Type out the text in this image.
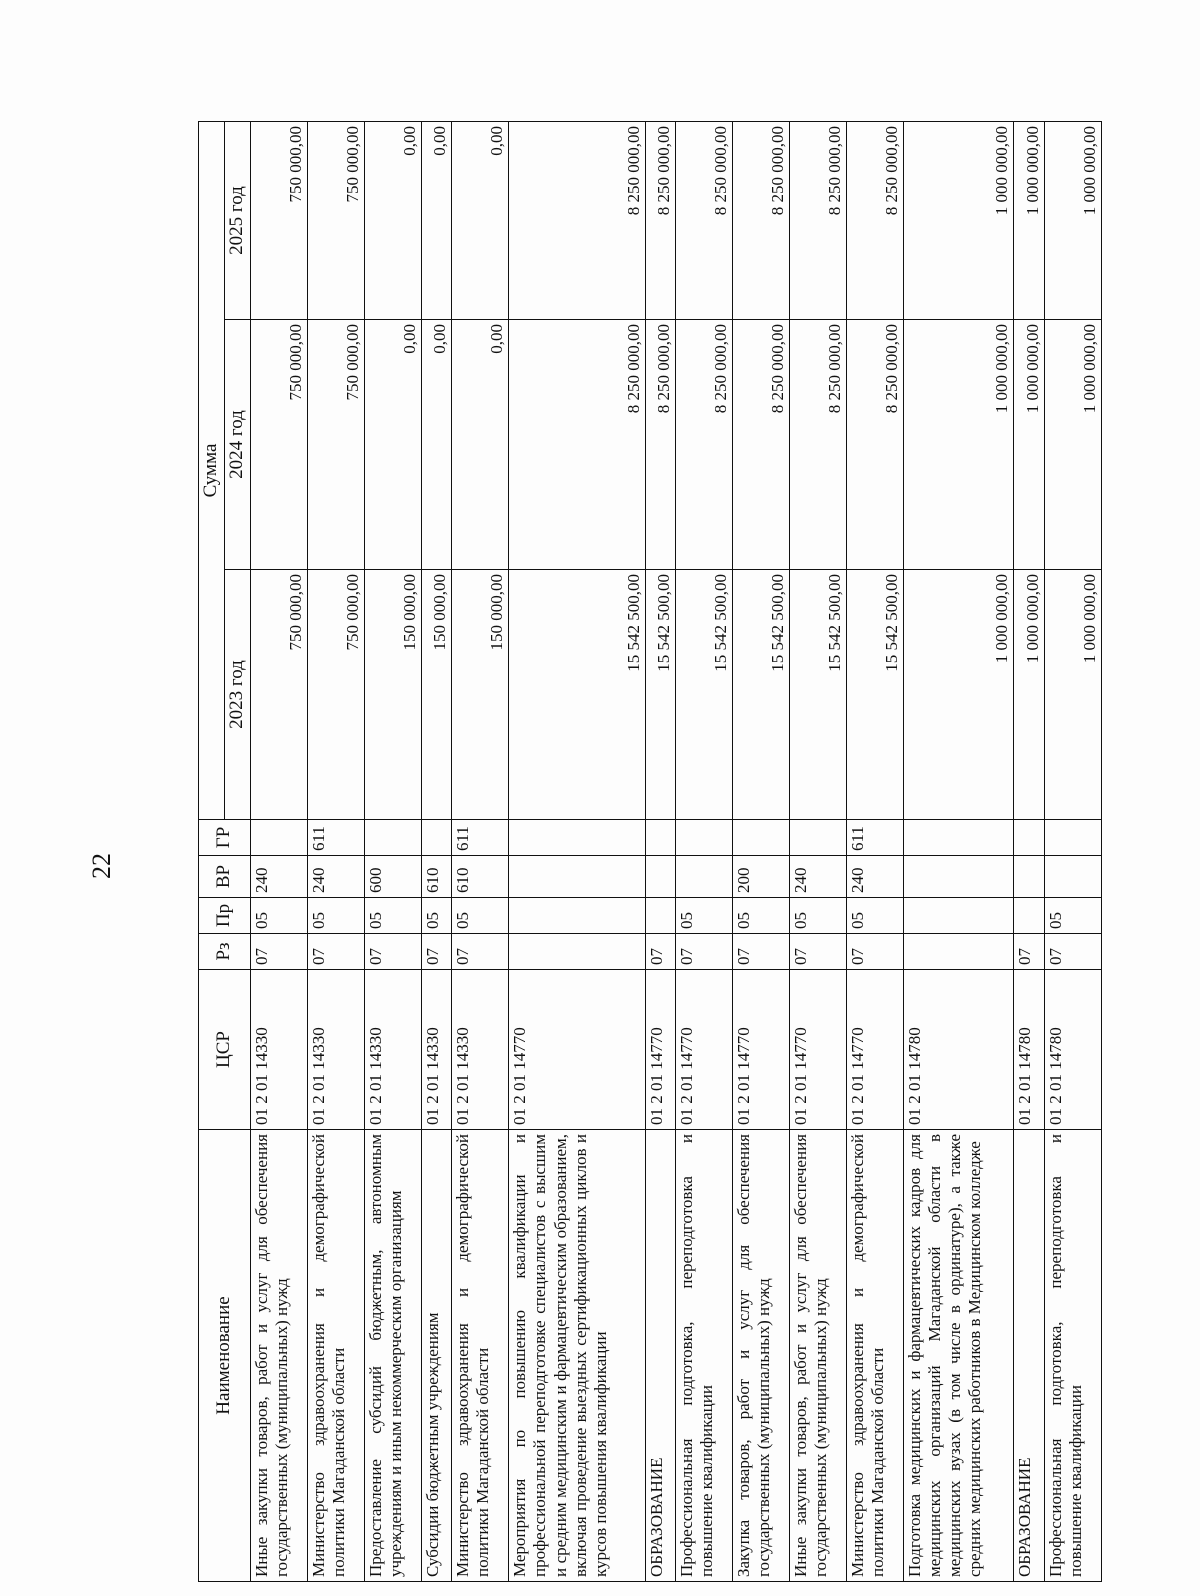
22
Наименование	ЦСР	Рз	Пр	ВР	ГР	Сумма		
						2023 год	2024 год	2025 год
Иные закупки товаров, работ и услуг для обеспечения государственных (муниципальных) нужд	01 2 01 14330	07	05	240		750 000,00	750 000,00	750 000,00
Министерство здравоохранения и демографической политики Магаданской области	01 2 01 14330	07	05	240	611	750 000,00	750 000,00	750 000,00
Предоставление субсидий бюджетным, автономным учреждениям и иным некоммерческим организациям	01 2 01 14330	07	05	600		150 000,00	0,00	0,00
Субсидии бюджетным учреждениям	01 2 01 14330	07	05	610		150 000,00	0,00	0,00
Министерство здравоохранения и демографической политики Магаданской области	01 2 01 14330	07	05	610	611	150 000,00	0,00	0,00
Мероприятия по повышению квалификации и профессиональной переподготовке специалистов с высшим и средним медицинским и фармацевтическим образованием, включая проведение выездных сертификационных циклов и курсов повышения квалификации	01 2 01 14770					15 542 500,00	8 250 000,00	8 250 000,00
ОБРАЗОВАНИЕ	01 2 01 14770	07				15 542 500,00	8 250 000,00	8 250 000,00
Профессиональная подготовка, переподготовка и повышение квалификации	01 2 01 14770	07	05			15 542 500,00	8 250 000,00	8 250 000,00
Закупка товаров, работ и услуг для обеспечения государственных (муниципальных) нужд	01 2 01 14770	07	05	200		15 542 500,00	8 250 000,00	8 250 000,00
Иные закупки товаров, работ и услуг для обеспечения государственных (муниципальных) нужд	01 2 01 14770	07	05	240		15 542 500,00	8 250 000,00	8 250 000,00
Министерство здравоохранения и демографической политики Магаданской области	01 2 01 14770	07	05	240	611	15 542 500,00	8 250 000,00	8 250 000,00
Подготовка медицинских и фармацевтических кадров для медицинских организаций Магаданской области в медицинских вузах (в том числе в ординатуре), а также средних медицинских работников в Медицинском колледже	01 2 01 14780					1 000 000,00	1 000 000,00	1 000 000,00
ОБРАЗОВАНИЕ	01 2 01 14780	07				1 000 000,00	1 000 000,00	1 000 000,00
Профессиональная подготовка, переподготовка и повышение квалификации	01 2 01 14780	07	05			1 000 000,00	1 000 000,00	1 000 000,00
